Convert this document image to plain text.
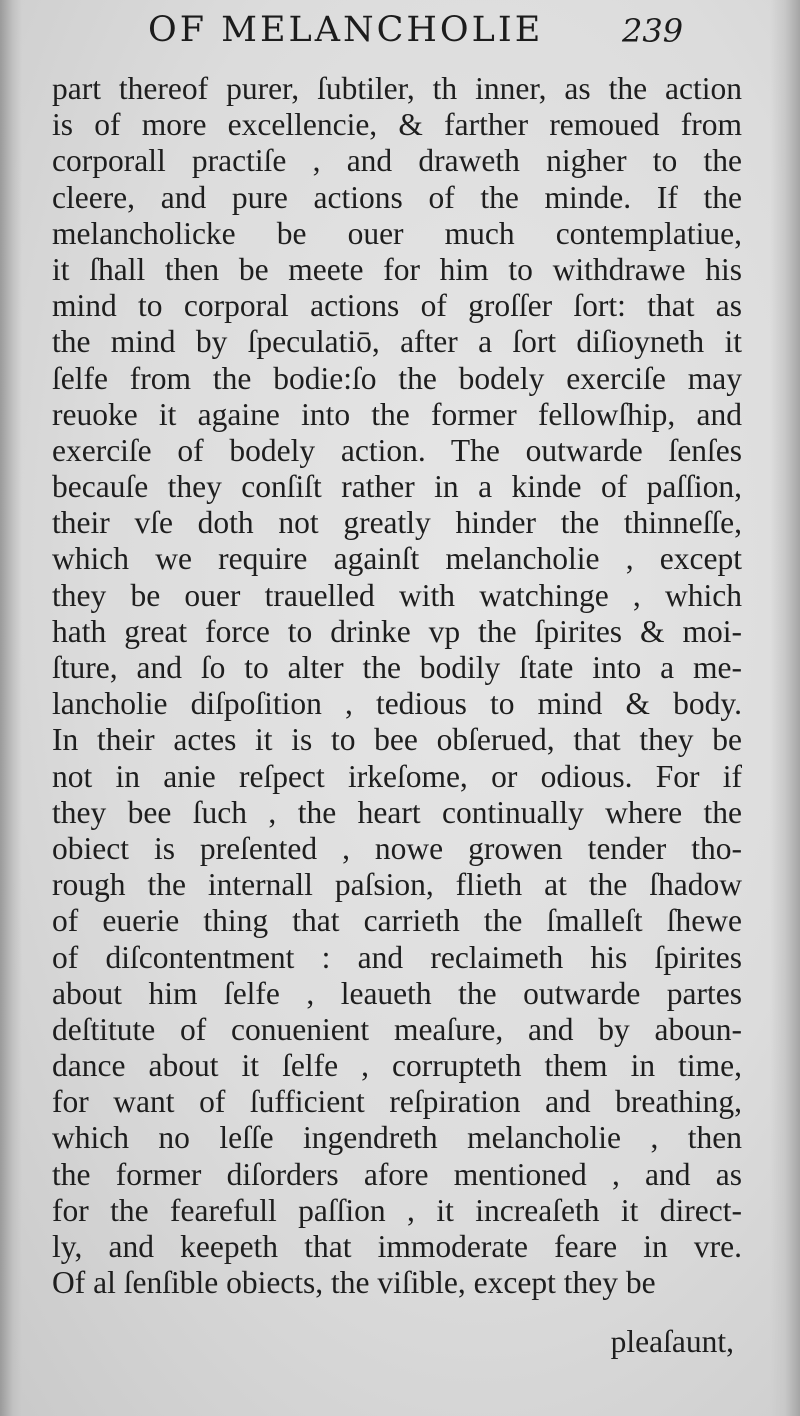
OF MELANCHOLIE 239
part thereof purer, ſubtiler, th inner, as the action
is of more excellencie, & farther remoued from
corporall practiſe , and draweth nigher to the
cleere, and pure actions of the minde. If the
melancholicke be ouer much contemplatiue,
it ſhall then be meete for him to withdrawe his
mind to corporal actions of groſſer ſort: that as
the mind by ſpeculatiō, after a ſort diſioyneth it
ſelfe from the bodie:ſo the bodely exerciſe may
reuoke it againe into the former fellowſhip, and
exerciſe of bodely action. The outwarde ſenſes
becauſe they conſiſt rather in a kinde of paſſion,
their vſe doth not greatly hinder the thinneſſe,
which we require againſt melancholie , except
they be ouer trauelled with watchinge , which
hath great force to drinke vp the ſpirites & moi-
ſture, and ſo to alter the bodily ſtate into a me-
lancholie diſpoſition , tedious to mind & body.
In their actes it is to bee obſerued, that they be
not in anie reſpect irkeſome, or odious. For if
they bee ſuch , the heart continually where the
obiect is preſented , nowe growen tender tho-
rough the internall paſsion, flieth at the ſhadow
of euerie thing that carrieth the ſmalleſt ſhewe
of diſcontentment : and reclaimeth his ſpirites
about him ſelfe , leaueth the outwarde partes
deſtitute of conuenient meaſure, and by aboun-
dance about it ſelfe , corrupteth them in time,
for want of ſufficient reſpiration and breathing,
which no leſſe ingendreth melancholie , then
the former diſorders afore mentioned , and as
for the fearefull paſſion , it increaſeth it direct-
ly, and keepeth that immoderate feare in vre.
Of al ſenſible obiects, the viſible, except they be
pleaſaunt,
